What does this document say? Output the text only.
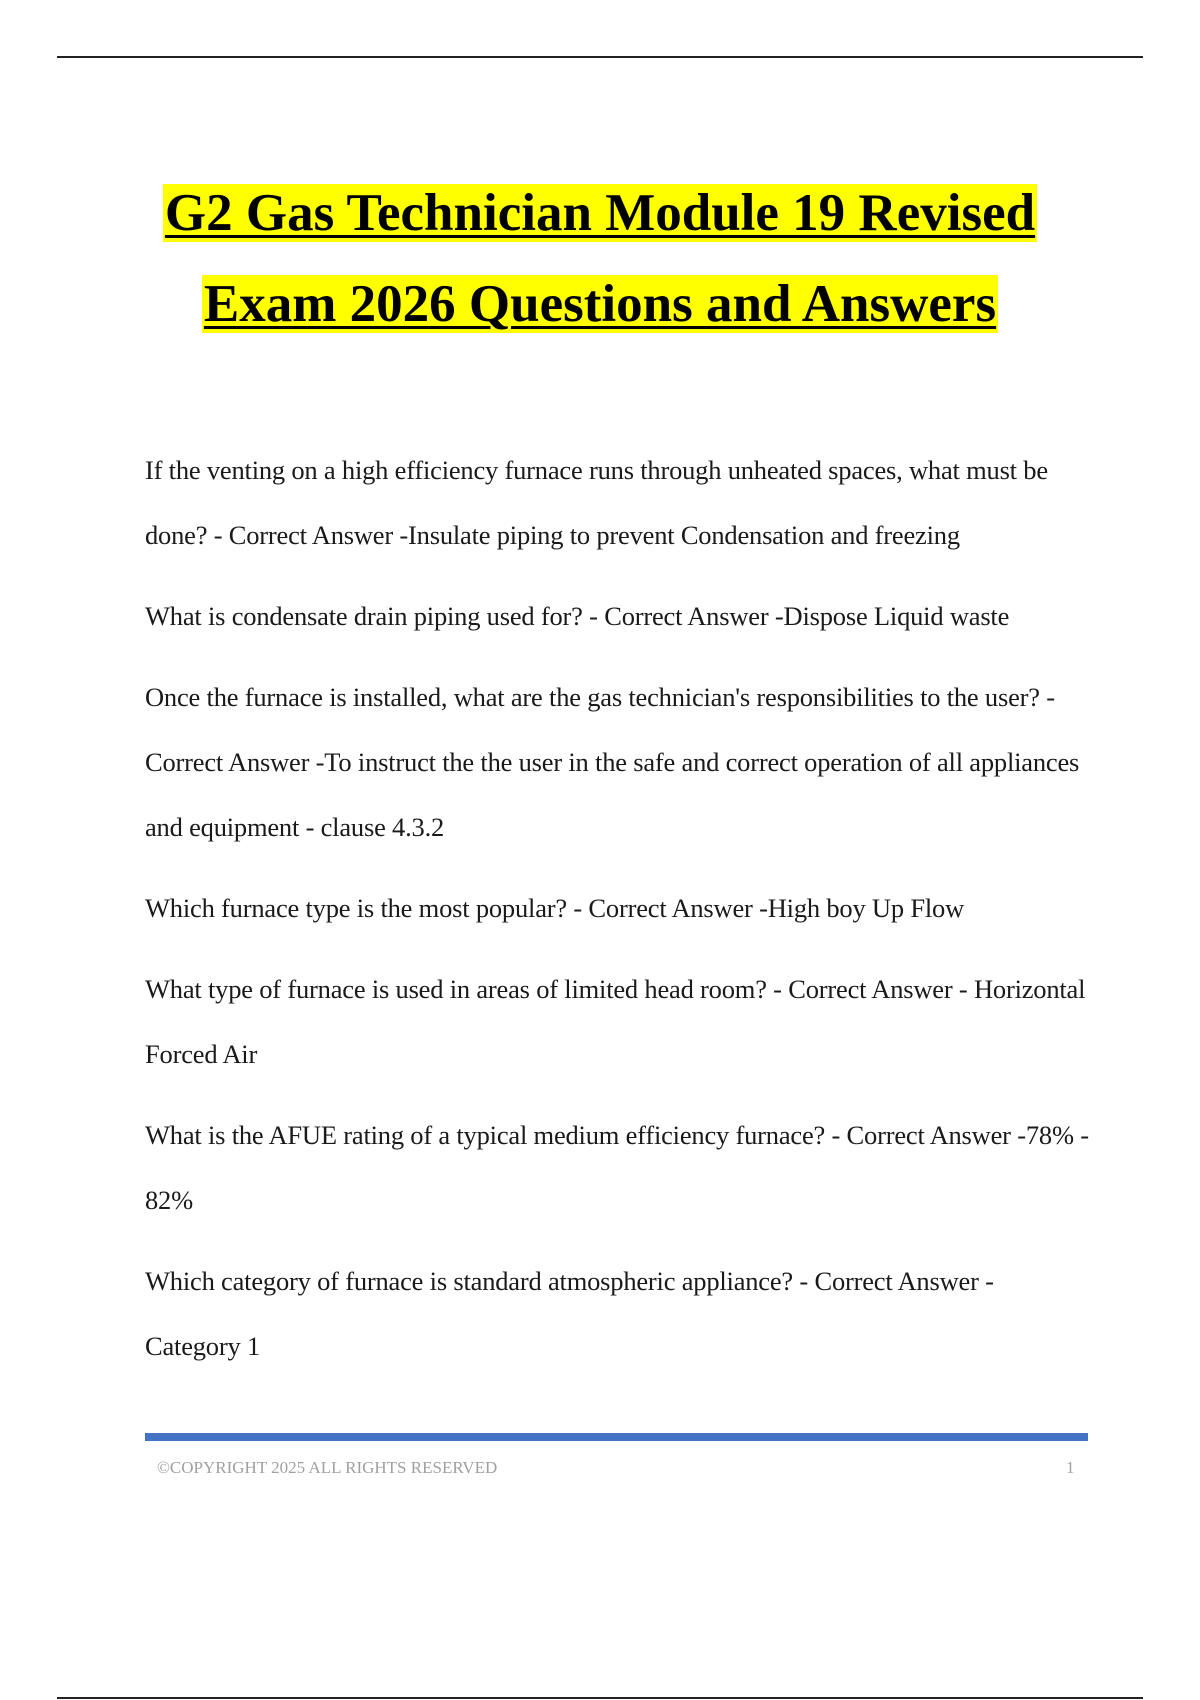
G2 Gas Technician Module 19 Revised
Exam 2026 Questions and Answers
If the venting on a high efficiency furnace runs through unheated spaces, what must be done? - Correct Answer -Insulate piping to prevent Condensation and freezing
What is condensate drain piping used for? - Correct Answer -Dispose Liquid waste
Once the furnace is installed, what are the gas technician's responsibilities to the user? - Correct Answer -To instruct the the user in the safe and correct operation of all appliances and equipment - clause 4.3.2
Which furnace type is the most popular? - Correct Answer -High boy Up Flow
What type of furnace is used in areas of limited head room? - Correct Answer - Horizontal Forced Air
What is the AFUE rating of a typical medium efficiency furnace? - Correct Answer -78% - 82%
Which category of furnace is standard atmospheric appliance? - Correct Answer - Category 1
©COPYRIGHT 2025 ALL RIGHTS RESERVED	1
